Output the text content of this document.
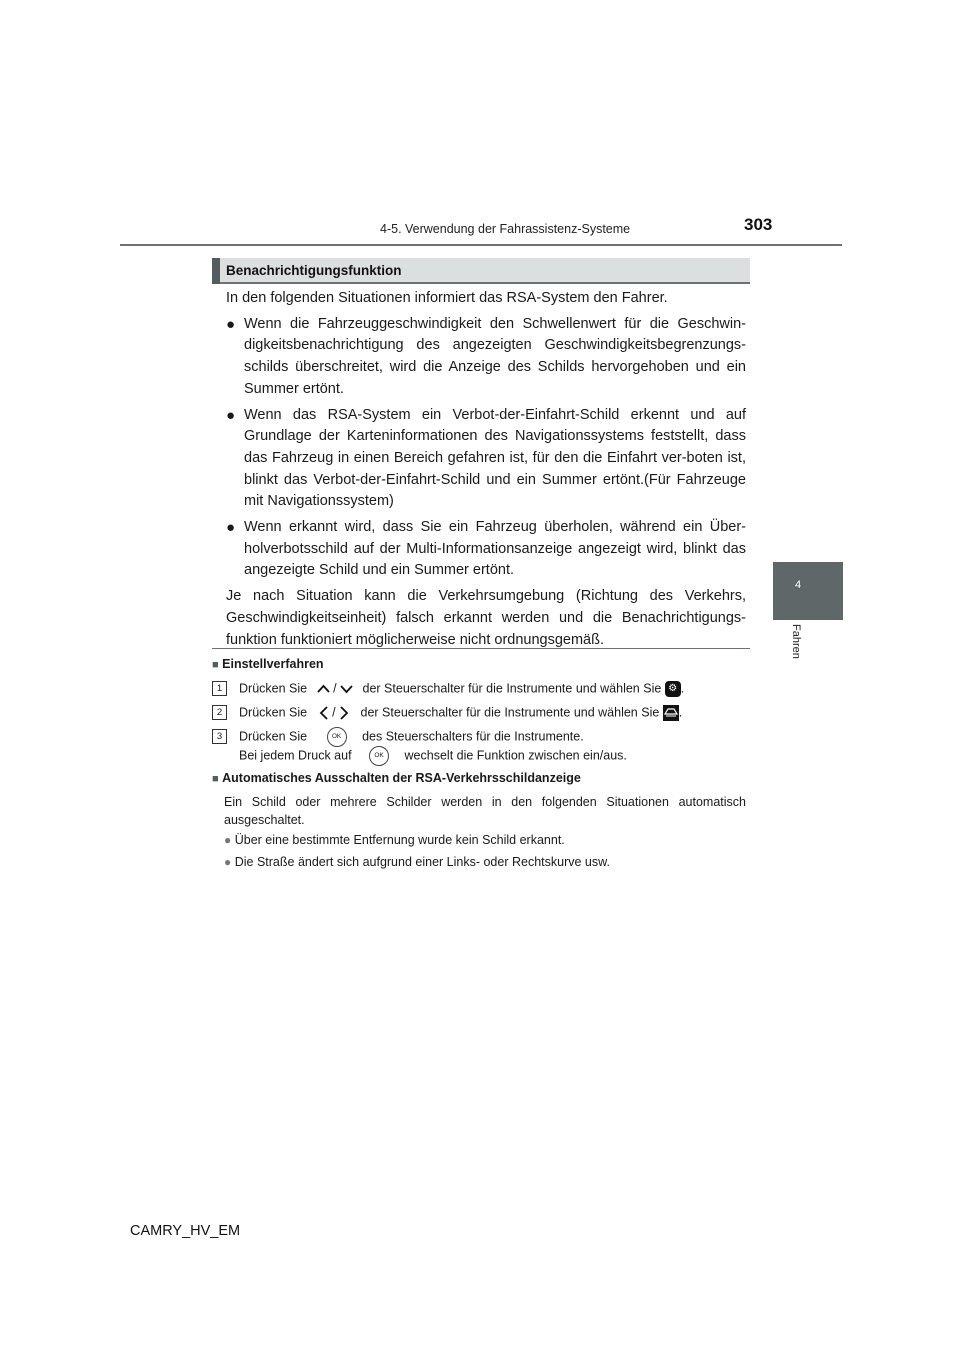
4-5. Verwendung der Fahrassistenz-Systeme	303
4
Fahren
Benachrichtigungsfunktion

In den folgenden Situationen informiert das RSA-System den Fahrer.

● Wenn die Fahrzeuggeschwindigkeit den Schwellenwert für die Geschwin-digkeitsbenachrichtigung des angezeigten Geschwindigkeitsbegrenzungs-schilds überschreitet, wird die Anzeige des Schilds hervorgehoben und ein Summer ertönt.
● Wenn das RSA-System ein Verbot-der-Einfahrt-Schild erkennt und auf Grundlage der Karteninformationen des Navigationssystems feststellt, dass das Fahrzeug in einen Bereich gefahren ist, für den die Einfahrt ver-boten ist, blinkt das Verbot-der-Einfahrt-Schild und ein Summer ertönt.(Für Fahrzeuge mit Navigationssystem)
● Wenn erkannt wird, dass Sie ein Fahrzeug überholen, während ein Über-holverbotsschild auf der Multi-Informationsanzeige angezeigt wird, blinkt das angezeigte Schild und ein Summer ertönt.

Je nach Situation kann die Verkehrsumgebung (Richtung des Verkehrs, Geschwindigkeitseinheit) falsch erkannt werden und die Benachrichtigungs-funktion funktioniert möglicherweise nicht ordnungsgemäß.

■ Einstellverfahren
1	Drücken Sie / der Steuerschalter für die Instrumente und wählen Sie ⚙ .
2	Drücken Sie / der Steuerschalter für die Instrumente und wählen Sie .
3	Drücken Sie	OK des Steuerschalters für die Instrumente.
Bei jedem Druck auf	OK wechselt die Funktion zwischen ein/aus.
■ Automatisches Ausschalten der RSA-Verkehrsschildanzeige
Ein Schild oder mehrere Schilder werden in den folgenden Situationen automatisch ausgeschaltet.
● Über eine bestimmte Entfernung wurde kein Schild erkannt.
● Die Straße ändert sich aufgrund einer Links- oder Rechtskurve usw.
CAMRY_HV_EM
